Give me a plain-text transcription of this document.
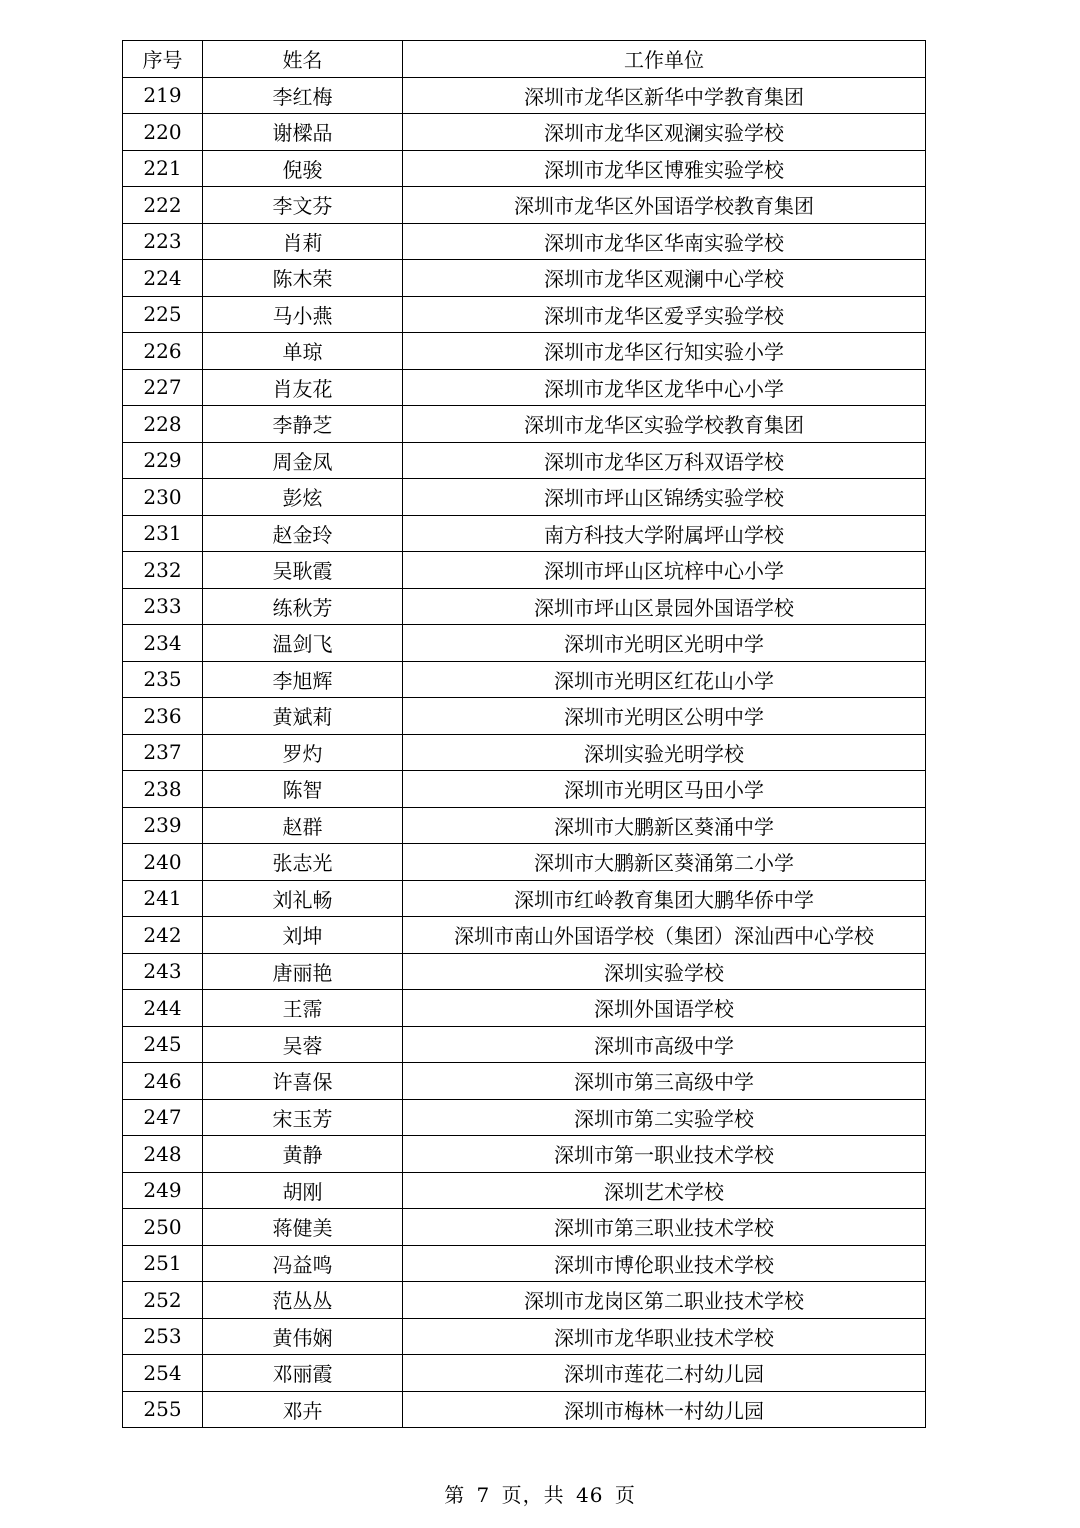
序号	姓名	工作单位
219	李红梅	深圳市龙华区新华中学教育集团
220	谢樑品	深圳市龙华区观澜实验学校
221	倪骏	深圳市龙华区博雅实验学校
222	李文芬	深圳市龙华区外国语学校教育集团
223	肖莉	深圳市龙华区华南实验学校
224	陈木荣	深圳市龙华区观澜中心学校
225	马小燕	深圳市龙华区爱孚实验学校
226	单琼	深圳市龙华区行知实验小学
227	肖友花	深圳市龙华区龙华中心小学
228	李静芝	深圳市龙华区实验学校教育集团
229	周金凤	深圳市龙华区万科双语学校
230	彭炫	深圳市坪山区锦绣实验学校
231	赵金玲	南方科技大学附属坪山学校
232	吴耿霞	深圳市坪山区坑梓中心小学
233	练秋芳	深圳市坪山区景园外国语学校
234	温剑飞	深圳市光明区光明中学
235	李旭辉	深圳市光明区红花山小学
236	黄斌莉	深圳市光明区公明中学
237	罗灼	深圳实验光明学校
238	陈智	深圳市光明区马田小学
239	赵群	深圳市大鹏新区葵涌中学
240	张志光	深圳市大鹏新区葵涌第二小学
241	刘礼畅	深圳市红岭教育集团大鹏华侨中学
242	刘坤	深圳市南山外国语学校（集团）深汕西中心学校
243	唐丽艳	深圳实验学校
244	王霈	深圳外国语学校
245	吴蓉	深圳市高级中学
246	许喜保	深圳市第三高级中学
247	宋玉芳	深圳市第二实验学校
248	黄静	深圳市第一职业技术学校
249	胡刚	深圳艺术学校
250	蒋健美	深圳市第三职业技术学校
251	冯益鸣	深圳市博伦职业技术学校
252	范丛丛	深圳市龙岗区第二职业技术学校
253	黄伟娴	深圳市龙华职业技术学校
254	邓丽霞	深圳市莲花二村幼儿园
255	邓卉	深圳市梅林一村幼儿园
第 7 页，共 46 页
